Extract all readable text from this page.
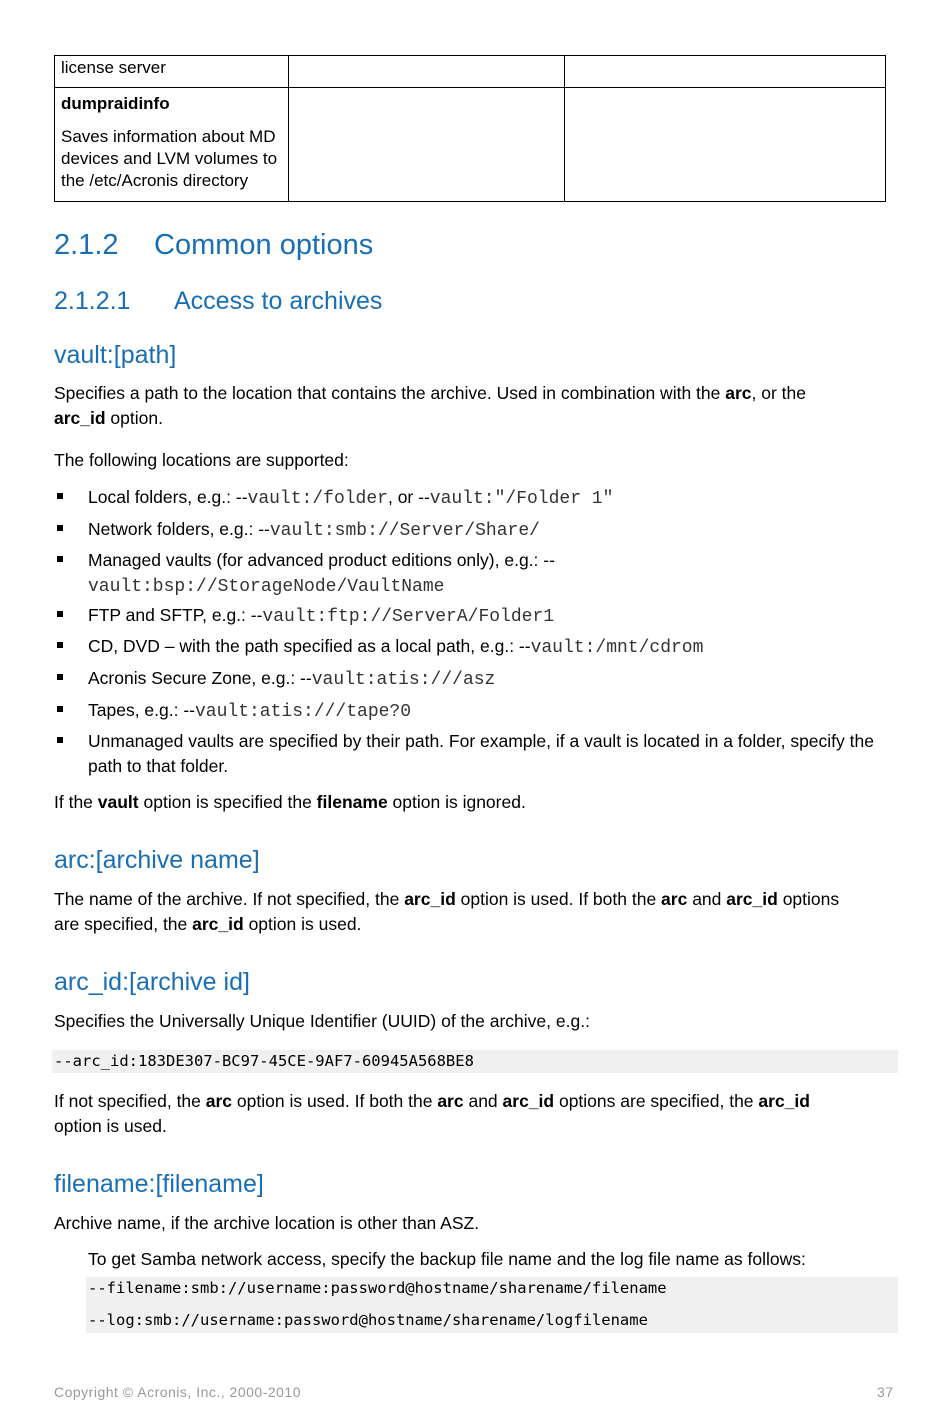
license server		

dumpraidinfo
Saves information about MD devices and LVM volumes to the /etc/Acronis directory		

2.1.2 Common options
2.1.2.1 Access to archives
vault:[path]
Specifies a path to the location that contains the archive. Used in combination with the arc, or the
arc_id option.
The following locations are supported:
Local folders, e.g.: --vault:/folder, or --vault:"/Folder 1"
Network folders, e.g.: --vault:smb://Server/Share/
Managed vaults (for advanced product editions only), e.g.: --
vault:bsp://StorageNode/VaultName
FTP and SFTP, e.g.: --vault:ftp://ServerA/Folder1
CD, DVD – with the path specified as a local path, e.g.: --vault:/mnt/cdrom
Acronis Secure Zone, e.g.: --vault:atis:///asz
Tapes, e.g.: --vault:atis:///tape?0
Unmanaged vaults are specified by their path. For example, if a vault is located in a folder, specify the path to that folder.
If the vault option is specified the filename option is ignored.
arc:[archive name]
The name of the archive. If not specified, the arc_id option is used. If both the arc and arc_id options
are specified, the arc_id option is used.
arc_id:[archive id]
Specifies the Universally Unique Identifier (UUID) of the archive, e.g.:
--arc_id:183DE307-BC97-45CE-9AF7-60945A568BE8
If not specified, the arc option is used. If both the arc and arc_id options are specified, the arc_id
option is used.
filename:[filename]
Archive name, if the archive location is other than ASZ.
To get Samba network access, specify the backup file name and the log file name as follows:
--filename:smb://username:password@hostname/sharename/filename
--log:smb://username:password@hostname/sharename/logfilename
Copyright © Acronis, Inc., 2000-2010	37
